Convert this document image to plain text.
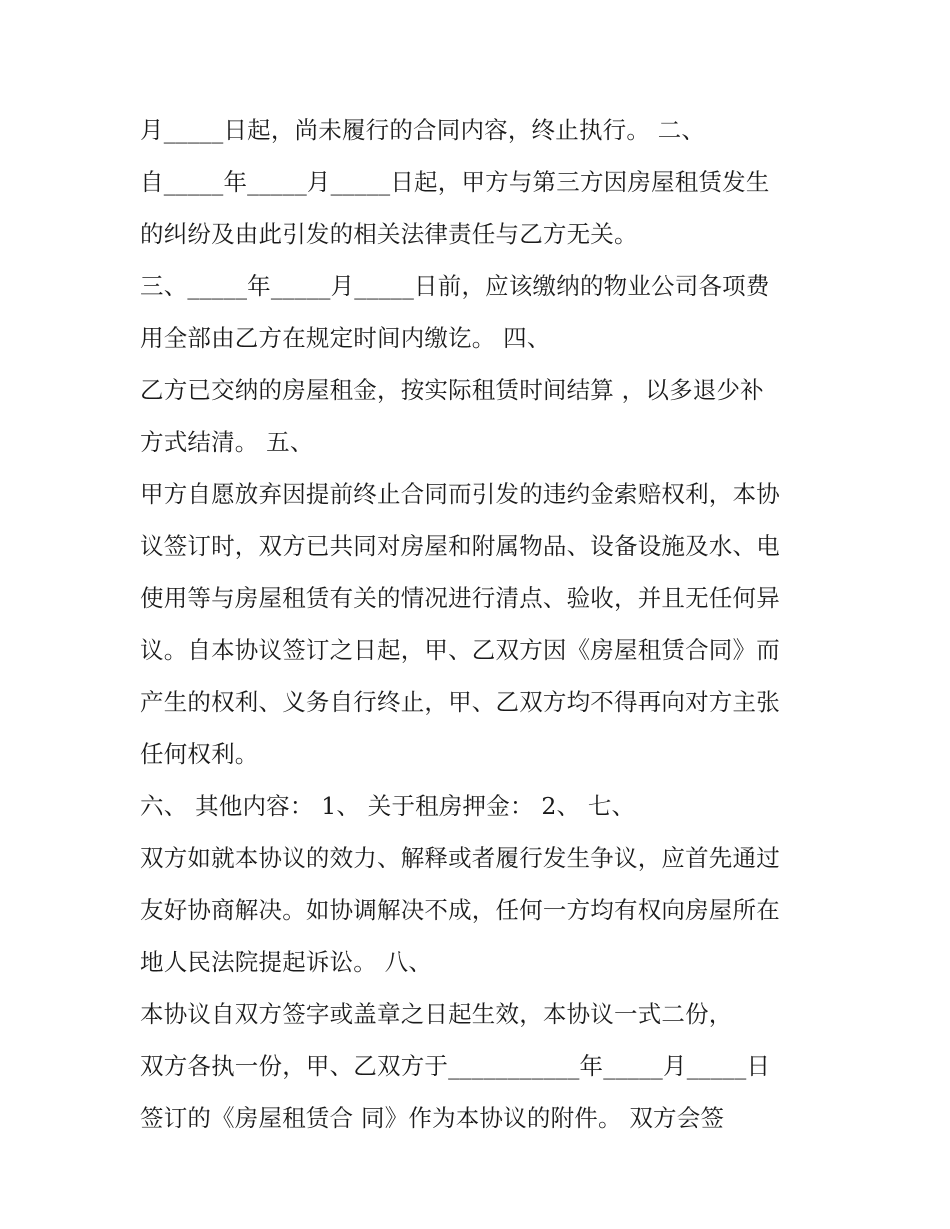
月_____日起，尚未履行的合同内容，终止执行。 二、
自_____年_____月_____日起，甲方与第三方因房屋租赁发生
的纠纷及由此引发的相关法律责任与乙方无关。
三、_____年_____月_____日前，应该缴纳的物业公司各项费
用全部由乙方在规定时间内缴讫。 四、
乙方已交纳的房屋租金，按实际租赁时间结算 ，以多退少补
方式结清。 五、
甲方自愿放弃因提前终止合同而引发的违约金索赔权利，本协
议签订时，双方已共同对房屋和附属物品、设备设施及水、电
使用等与房屋租赁有关的情况进行清点、验收，并且无任何异
议。自本协议签订之日起，甲、乙双方因《房屋租赁合同》而
产生的权利、义务自行终止，甲、乙双方均不得再向对方主张
任何权利。
六、 其他内容： 1、 关于租房押金： 2、 七、
双方如就本协议的效力、解释或者履行发生争议，应首先通过
友好协商解决。如协调解决不成，任何一方均有权向房屋所在
地人民法院提起诉讼。 八、
本协议自双方签字或盖章之日起生效，本协议一式二份，
双方各执一份，甲、乙双方于___________年_____月_____日
签订的《房屋租赁合 同》作为本协议的附件。 双方会签
